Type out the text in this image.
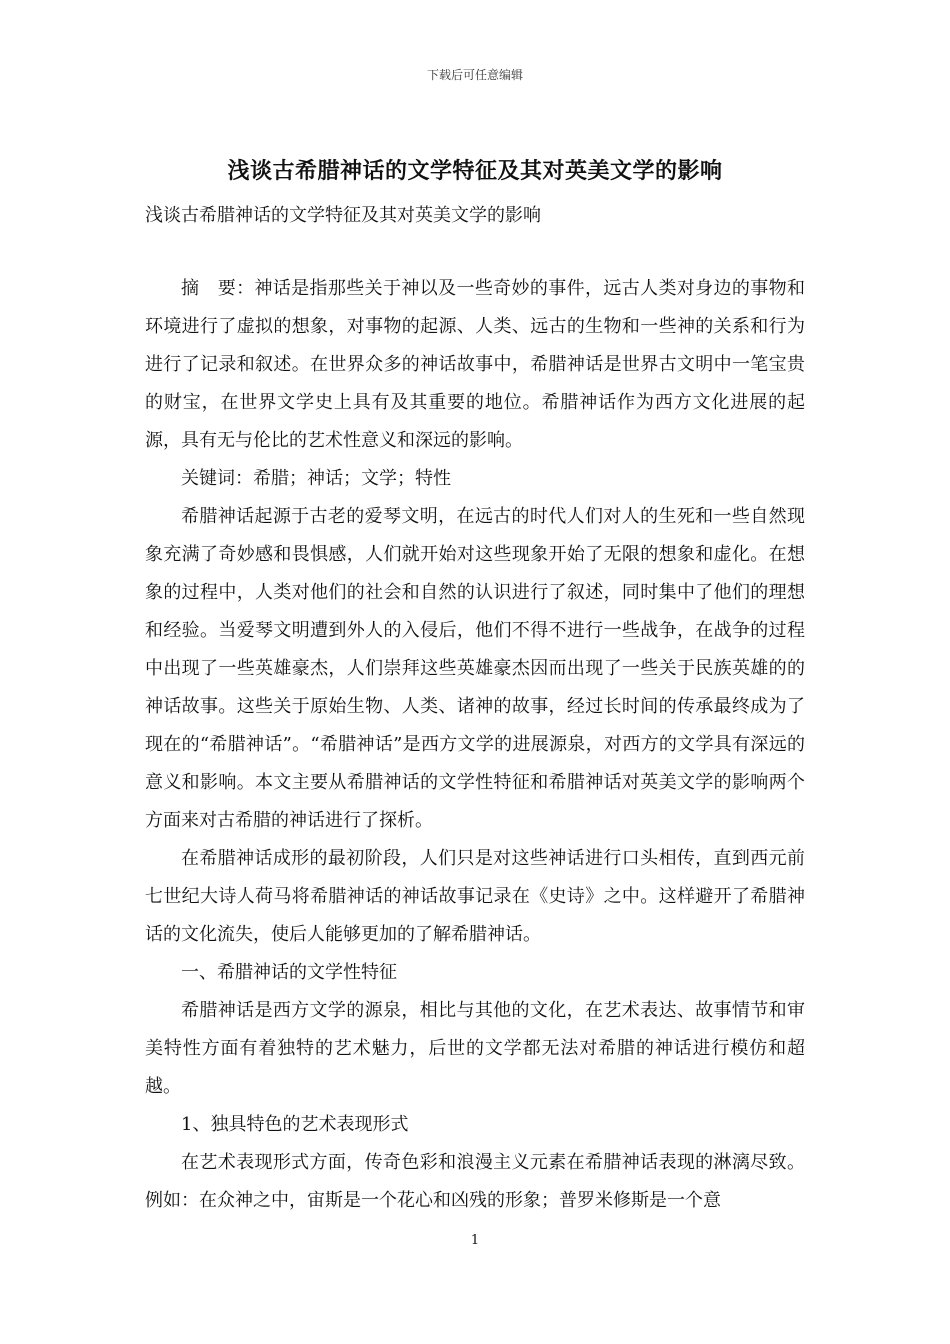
下载后可任意编辑
浅谈古希腊神话的文学特征及其对英美文学的影响
浅谈古希腊神话的文学特征及其对英美文学的影响

摘　要：神话是指那些关于神以及一些奇妙的事件，远古人类对身边的事物和环境进行了虚拟的想象，对事物的起源、人类、远古的生物和一些神的关系和行为进行了记录和叙述。在世界众多的神话故事中，希腊神话是世界古文明中一笔宝贵的财宝，在世界文学史上具有及其重要的地位。希腊神话作为西方文化进展的起源，具有无与伦比的艺术性意义和深远的影响。

关键词：希腊；神话；文学；特性

希腊神话起源于古老的爱琴文明，在远古的时代人们对人的生死和一些自然现象充满了奇妙感和畏惧感，人们就开始对这些现象开始了无限的想象和虚化。在想象的过程中，人类对他们的社会和自然的认识进行了叙述，同时集中了他们的理想和经验。当爱琴文明遭到外人的入侵后，他们不得不进行一些战争，在战争的过程中出现了一些英雄豪杰，人们崇拜这些英雄豪杰因而出现了一些关于民族英雄的的神话故事。这些关于原始生物、人类、诸神的故事，经过长时间的传承最终成为了现在的“希腊神话”。“希腊神话”是西方文学的进展源泉，对西方的文学具有深远的意义和影响。本文主要从希腊神话的文学性特征和希腊神话对英美文学的影响两个方面来对古希腊的神话进行了探析。

在希腊神话成形的最初阶段，人们只是对这些神话进行口头相传，直到西元前七世纪大诗人荷马将希腊神话的神话故事记录在《史诗》之中。这样避开了希腊神话的文化流失，使后人能够更加的了解希腊神话。

一、希腊神话的文学性特征

希腊神话是西方文学的源泉，相比与其他的文化，在艺术表达、故事情节和审美特性方面有着独特的艺术魅力，后世的文学都无法对希腊的神话进行模仿和超越。

1、独具特色的艺术表现形式

在艺术表现形式方面，传奇色彩和浪漫主义元素在希腊神话表现的淋漓尽致。例如：在众神之中，宙斯是一个花心和凶残的形象；普罗米修斯是一个意

1
